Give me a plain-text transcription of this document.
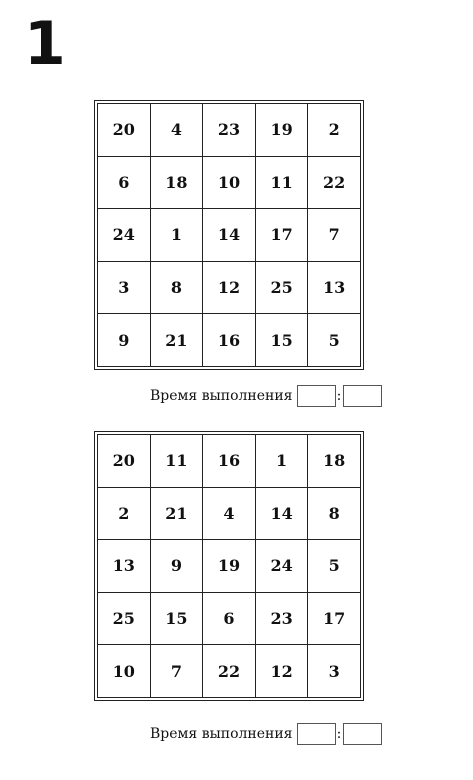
1
20	4	23	19	2
6	18	10	11	22
24	1	14	17	7
3	8	12	25	13
9	21	16	15	5
Время выполнения	:
20	11	16	1	18
2	21	4	14	8
13	9	19	24	5
25	15	6	23	17
10	7	22	12	3
Время выполнения	:
